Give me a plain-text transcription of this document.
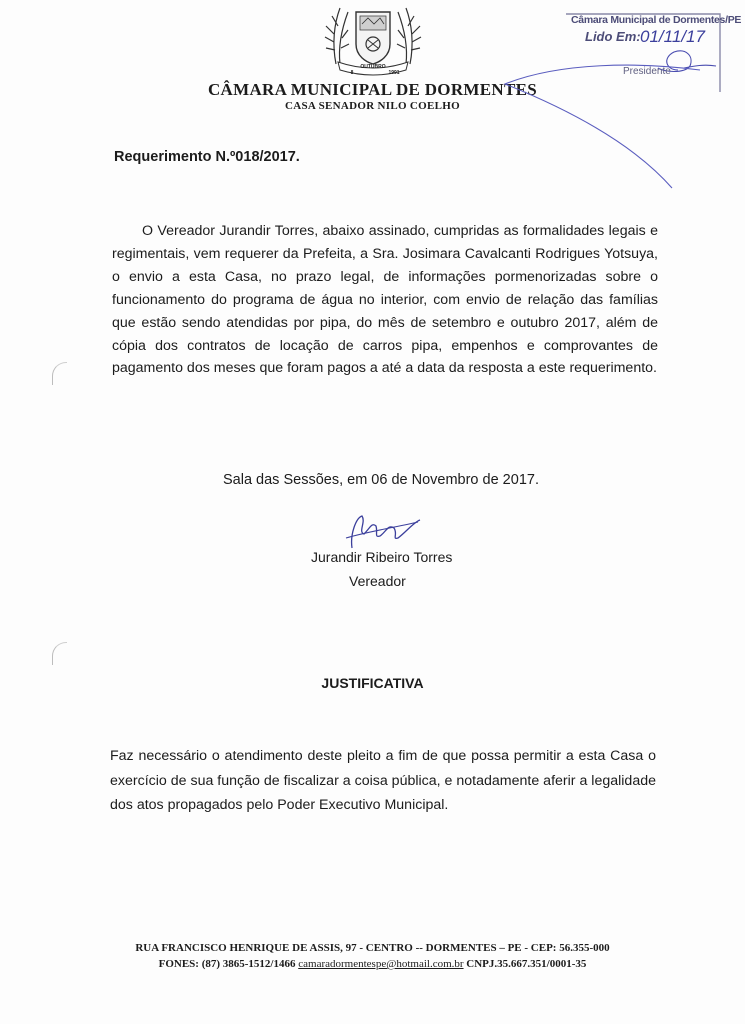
OUTUBRO
8	1991
CÂMARA MUNICIPAL DE DORMENTES
CASA SENADOR NILO COELHO
Câmara Municipal de Dormentes/PE
Lido Em: 01/11/17
Presidente
Requerimento N.º018/2017.

O Vereador Jurandir Torres, abaixo assinado, cumpridas as formalidades legais e regimentais, vem requerer da Prefeita, a Sra. Josimara Cavalcanti Rodrigues Yotsuya, o envio a esta Casa, no prazo legal, de informações pormenorizadas sobre o funcionamento do programa de água no interior, com envio de relação das famílias que estão sendo atendidas por pipa, do mês de setembro e outubro 2017, além de cópia dos contratos de locação de carros pipa, empenhos e comprovantes de pagamento dos meses que foram pagos a até a data da resposta a este requerimento.

Sala das Sessões, em 06 de Novembro de 2017.
Jurandir Ribeiro Torres
Vereador
JUSTIFICATIVA

Faz necessário o atendimento deste pleito a fim de que possa permitir a esta Casa o exercício de sua função de fiscalizar a coisa pública, e notadamente aferir a legalidade dos atos propagados pelo Poder Executivo Municipal.

RUA FRANCISCO HENRIQUE DE ASSIS, 97 - CENTRO -- DORMENTES – PE - CEP: 56.355-000
FONES: (87) 3865-1512/1466 camaradormentespe@hotmail.com.br CNPJ.35.667.351/0001-35
